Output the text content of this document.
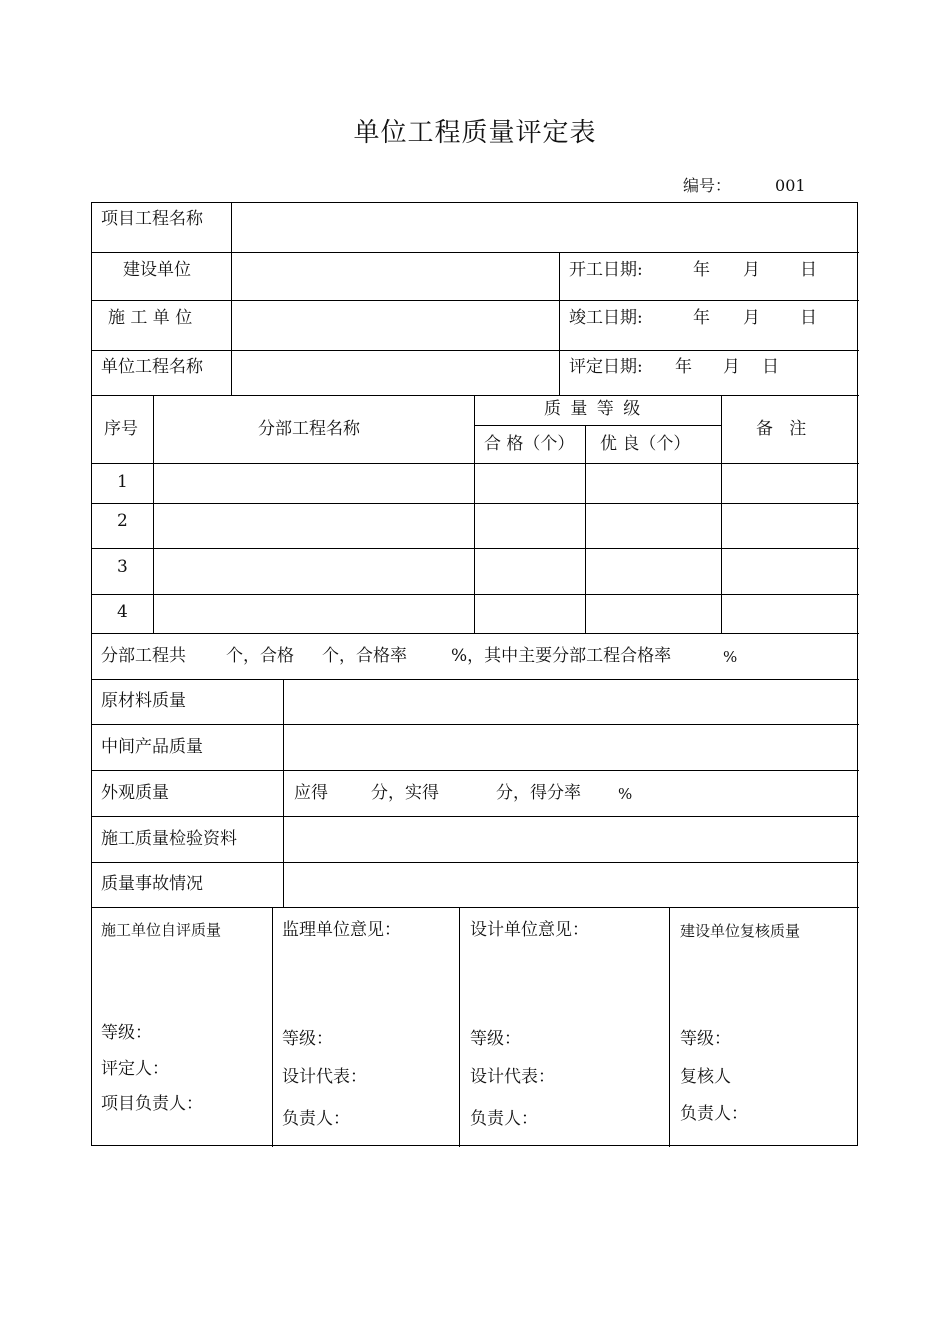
单位工程质量评定表
编号：	001
项目工程名称
建设单位	开工日期:	年 月 日
施 工 单 位	竣工日期:	年 月 日
单位工程名称	评定日期: 年 月 日
序号	分部工程名称
质 量 等 级
合 格（个） 优 良（个）
备   注
1
2
3
4
分部工程共 个，合格 个，合格率	%，其中主要分部工程合格率	%
原材料质量
中间产品质量
外观质量	应得	分，实得	分，得分率 %
施工质量检验资料
质量事故情况
施工单位自评质量
等级：
评定人：
项目负责人：
监理单位意见：
等级：
设计代表：
负责人：
设计单位意见：
等级：
设计代表：
负责人：
建设单位复核质量
等级：
复核人
负责人：
